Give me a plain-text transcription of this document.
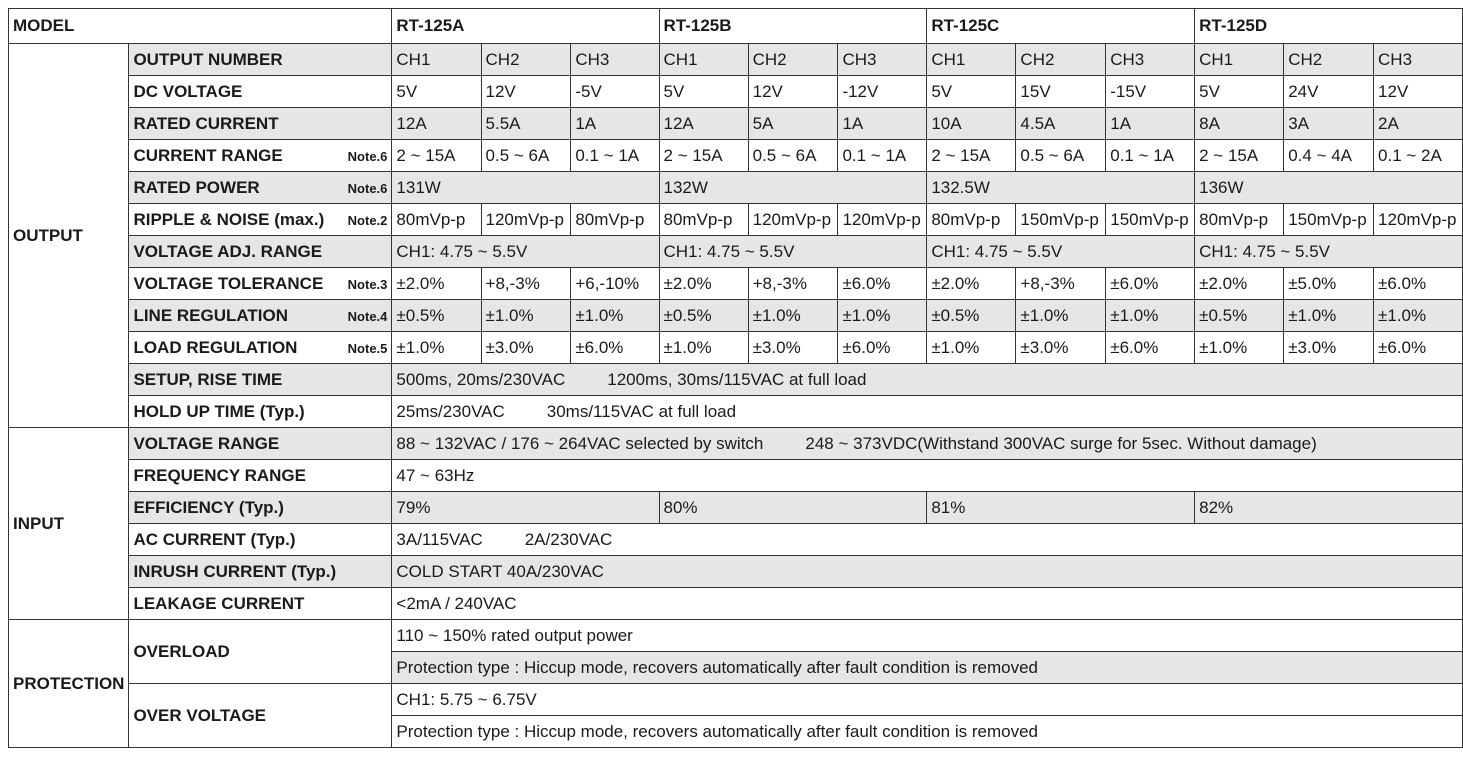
MODEL		RT-125A			RT-125B			RT-125C			RT-125D		
OUTPUT	OUTPUT NUMBER	CH1	CH2	CH3	CH1	CH2	CH3	CH1	CH2	CH3	CH1	CH2	CH3
	DC VOLTAGE	5V	12V	-5V	5V	12V	-12V	5V	15V	-15V	5V	24V	12V
	RATED CURRENT	12A	5.5A	1A	12A	5A	1A	10A	4.5A	1A	8A	3A	2A
	CURRENT RANGE Note.6	2 ~ 15A	0.5 ~ 6A	0.1 ~ 1A	2 ~ 15A	0.5 ~ 6A	0.1 ~ 1A	2 ~ 15A	0.5 ~ 6A	0.1 ~ 1A	2 ~ 15A	0.4 ~ 4A	0.1 ~ 2A
	RATED POWER Note.6	131W			132W			132.5W			136W		
	RIPPLE & NOISE (max.) Note.2	80mVp-p	120mVp-p	80mVp-p	80mVp-p	120mVp-p	120mVp-p	80mVp-p	150mVp-p	150mVp-p	80mVp-p	150mVp-p	120mVp-p
	VOLTAGE ADJ. RANGE	CH1: 4.75 ~ 5.5V			CH1: 4.75 ~ 5.5V			CH1: 4.75 ~ 5.5V			CH1: 4.75 ~ 5.5V		
	VOLTAGE TOLERANCE Note.3	±2.0%	+8,-3%	+6,-10%	±2.0%	+8,-3%	±6.0%	±2.0%	+8,-3%	±6.0%	±2.0%	±5.0%	±6.0%
	LINE REGULATION Note.4	±0.5%	±1.0%	±1.0%	±0.5%	±1.0%	±1.0%	±0.5%	±1.0%	±1.0%	±0.5%	±1.0%	±1.0%
	LOAD REGULATION Note.5	±1.0%	±3.0%	±6.0%	±1.0%	±3.0%	±6.0%	±1.0%	±3.0%	±6.0%	±1.0%	±3.0%	±6.0%
	SETUP, RISE TIME	500ms, 20ms/230VAC 1200ms, 30ms/115VAC at full load											
	HOLD UP TIME (Typ.)	25ms/230VAC 30ms/115VAC at full load											
INPUT	VOLTAGE RANGE	88 ~ 132VAC / 176 ~ 264VAC selected by switch 248 ~ 373VDC(Withstand 300VAC surge for 5sec. Without damage)											
	FREQUENCY RANGE	47 ~ 63Hz											
	EFFICIENCY (Typ.)	79%			80%			81%			82%		
	AC CURRENT (Typ.)	3A/115VAC 2A/230VAC											
	INRUSH CURRENT (Typ.)	COLD START 40A/230VAC											
	LEAKAGE CURRENT	<2mA / 240VAC											
PROTECTION	OVERLOAD	110 ~ 150% rated output power											
		Protection type : Hiccup mode, recovers automatically after fault condition is removed											
	OVER VOLTAGE	CH1: 5.75 ~ 6.75V											
		Protection type : Hiccup mode, recovers automatically after fault condition is removed											
